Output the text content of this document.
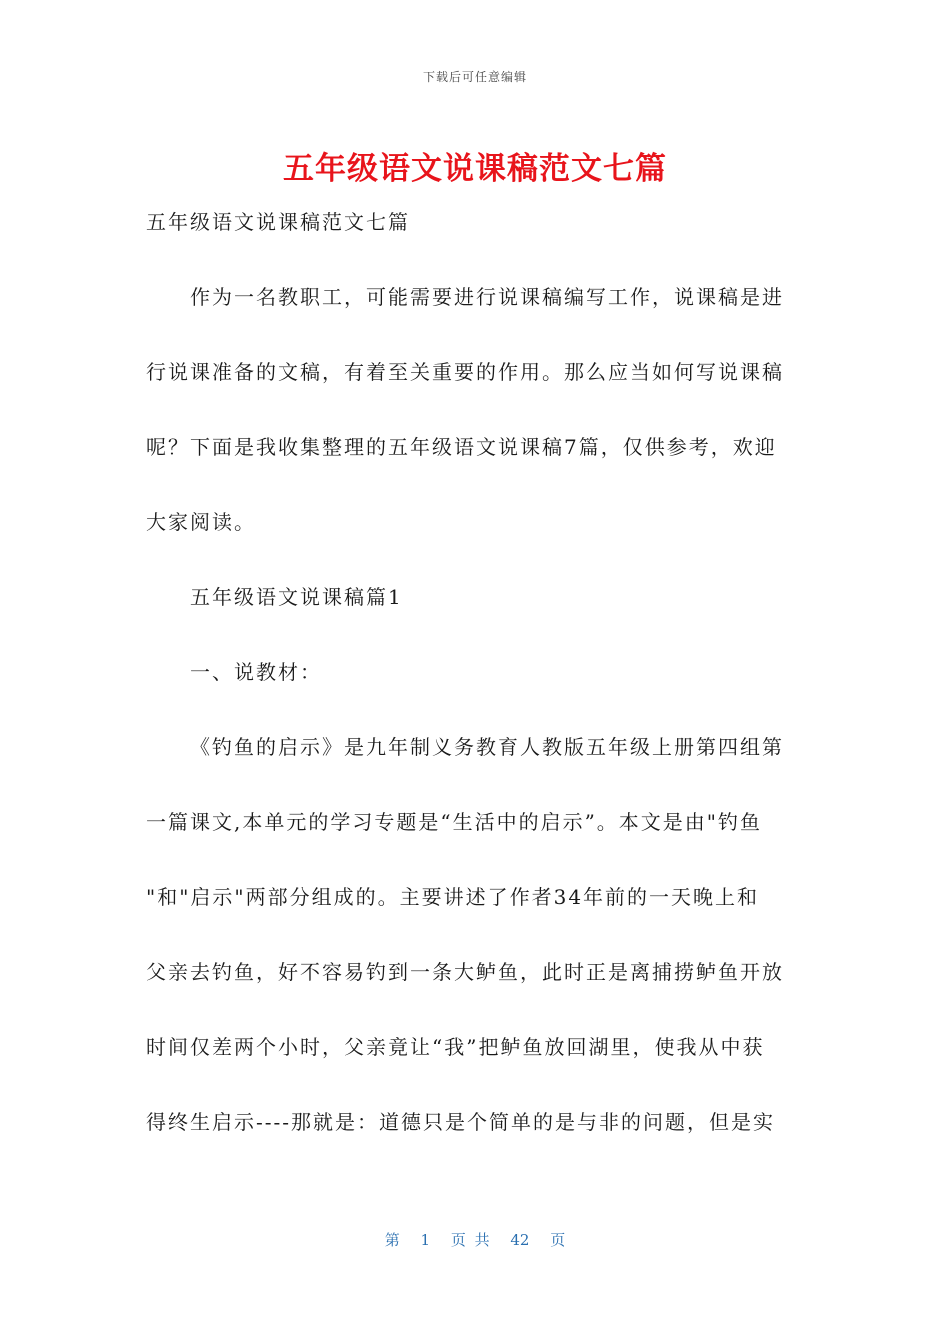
下载后可任意编辑
五年级语文说课稿范文七篇
五年级语文说课稿范文七篇
作为一名教职工，可能需要进行说课稿编写工作，说课稿是进
行说课准备的文稿，有着至关重要的作用。那么应当如何写说课稿
呢？下面是我收集整理的五年级语文说课稿7篇，仅供参考，欢迎
大家阅读。
五年级语文说课稿篇1
一、说教材：
《钓鱼的启示》是九年制义务教育人教版五年级上册第四组第
一篇课文,本单元的学习专题是“生活中的启示”。本文是由"钓鱼
"和"启示"两部分组成的。主要讲述了作者34年前的一天晚上和
父亲去钓鱼，好不容易钓到一条大鲈鱼，此时正是离捕捞鲈鱼开放
时间仅差两个小时，父亲竟让“我”把鲈鱼放回湖里，使我从中获
得终生启示----那就是：道德只是个简单的是与非的问题，但是实
第 1 页 共 42 页
